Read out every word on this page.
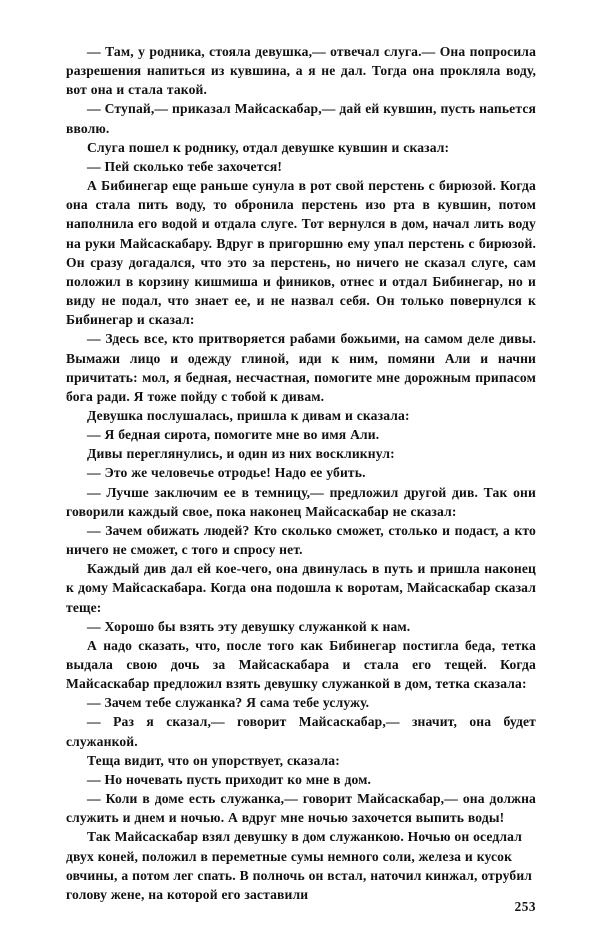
— Там, у родника, стояла девушка,— отвечал слуга.— Она попросила разрешения напиться из кувшина, а я не дал. Тогда она прокляла воду, вот она и стала такой.

— Ступай,— приказал Майсаскабар,— дай ей кувшин, пусть напьется вволю.

Слуга пошел к роднику, отдал девушке кувшин и сказал:

— Пей сколько тебе захочется!

А Бибинегар еще раньше сунула в рот свой перстень с бирюзой. Когда она стала пить воду, то обронила перстень изо рта в кувшин, потом наполнила его водой и отдала слуге. Тот вернулся в дом, начал лить воду на руки Майсаскабару. Вдруг в пригоршню ему упал перстень с бирюзой. Он сразу догадался, что это за перстень, но ничего не сказал слуге, сам положил в корзину кишмиша и фиников, отнес и отдал Бибинегар, но и виду не подал, что знает ее, и не назвал себя. Он только повернулся к Бибинегар и сказал:

— Здесь все, кто притворяется рабами божьими, на самом деле дивы. Вымажи лицо и одежду глиной, иди к ним, помяни Али и начни причитать: мол, я бедная, несчастная, помогите мне дорожным припасом бога ради. Я тоже пойду с тобой к дивам.

Девушка послушалась, пришла к дивам и сказала:

— Я бедная сирота, помогите мне во имя Али.

Дивы переглянулись, и один из них воскликнул:

— Это же человечье отродье! Надо ее убить.

— Лучше заключим ее в темницу,— предложил другой див. Так они говорили каждый свое, пока наконец Майсаскабар не сказал:

— Зачем обижать людей? Кто сколько сможет, столько и подаст, а кто ничего не сможет, с того и спросу нет.

Каждый див дал ей кое-чего, она двинулась в путь и пришла наконец к дому Майсаскабара. Когда она подошла к воротам, Майсаскабар сказал теще:

— Хорошо бы взять эту девушку служанкой к нам.

А надо сказать, что, после того как Бибинегар постигла беда, тетка выдала свою дочь за Майсаскабара и стала его тещей. Когда Майсаскабар предложил взять девушку служанкой в дом, тетка сказала:

— Зачем тебе служанка? Я сама тебе услужу.

— Раз я сказал,— говорит Майсаскабар,— значит, она будет служанкой.

Теща видит, что он упорствует, сказала:

— Но ночевать пусть приходит ко мне в дом.

— Коли в доме есть служанка,— говорит Майсаскабар,— она должна служить и днем и ночью. А вдруг мне ночью захочется выпить воды!

Так Майсаскабар взял девушку в дом служанкою. Ночью он оседлал двух коней, положил в переметные сумы немного соли, железа и кусок овчины, а потом лег спать. В полночь он встал, наточил кинжал, отрубил голову жене, на которой его заставили

253
